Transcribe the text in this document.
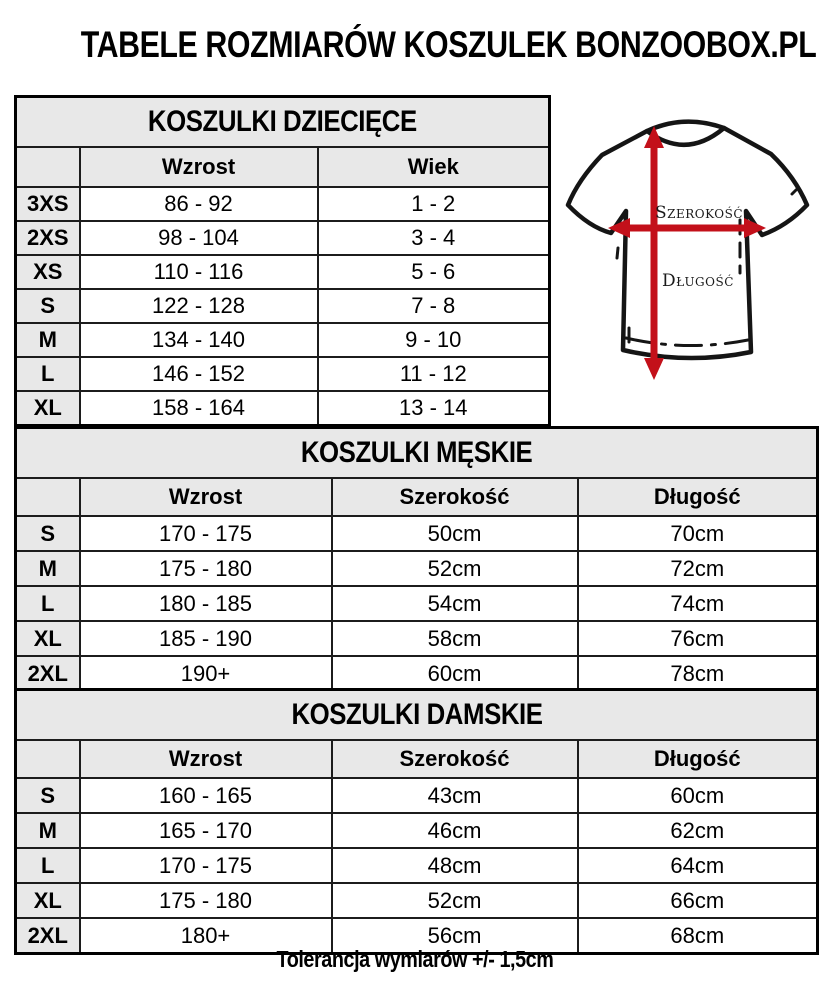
TABELE ROZMIARÓW KOSZULEK BONZOOBOX.PL
KOSZULKI DZIECIĘCE		
	Wzrost	Wiek
3XS	86 - 92	1 - 2
2XS	98 - 104	3 - 4
XS	110 - 116	5 - 6
S	122 - 128	7 - 8
M	134 - 140	9 - 10
L	146 - 152	11 - 12
XL	158 - 164	13 - 14
Szerokość
Długość
KOSZULKI MĘSKIE			
	Wzrost	Szerokość	Długość
S	170 - 175	50cm	70cm
M	175 - 180	52cm	72cm
L	180 - 185	54cm	74cm
XL	185 - 190	58cm	76cm
2XL	190+	60cm	78cm
KOSZULKI DAMSKIE			
	Wzrost	Szerokość	Długość
S	160 - 165	43cm	60cm
M	165 - 170	46cm	62cm
L	170 - 175	48cm	64cm
XL	175 - 180	52cm	66cm
2XL	180+	56cm	68cm
Tolerancja wymiarów +/- 1,5cm
